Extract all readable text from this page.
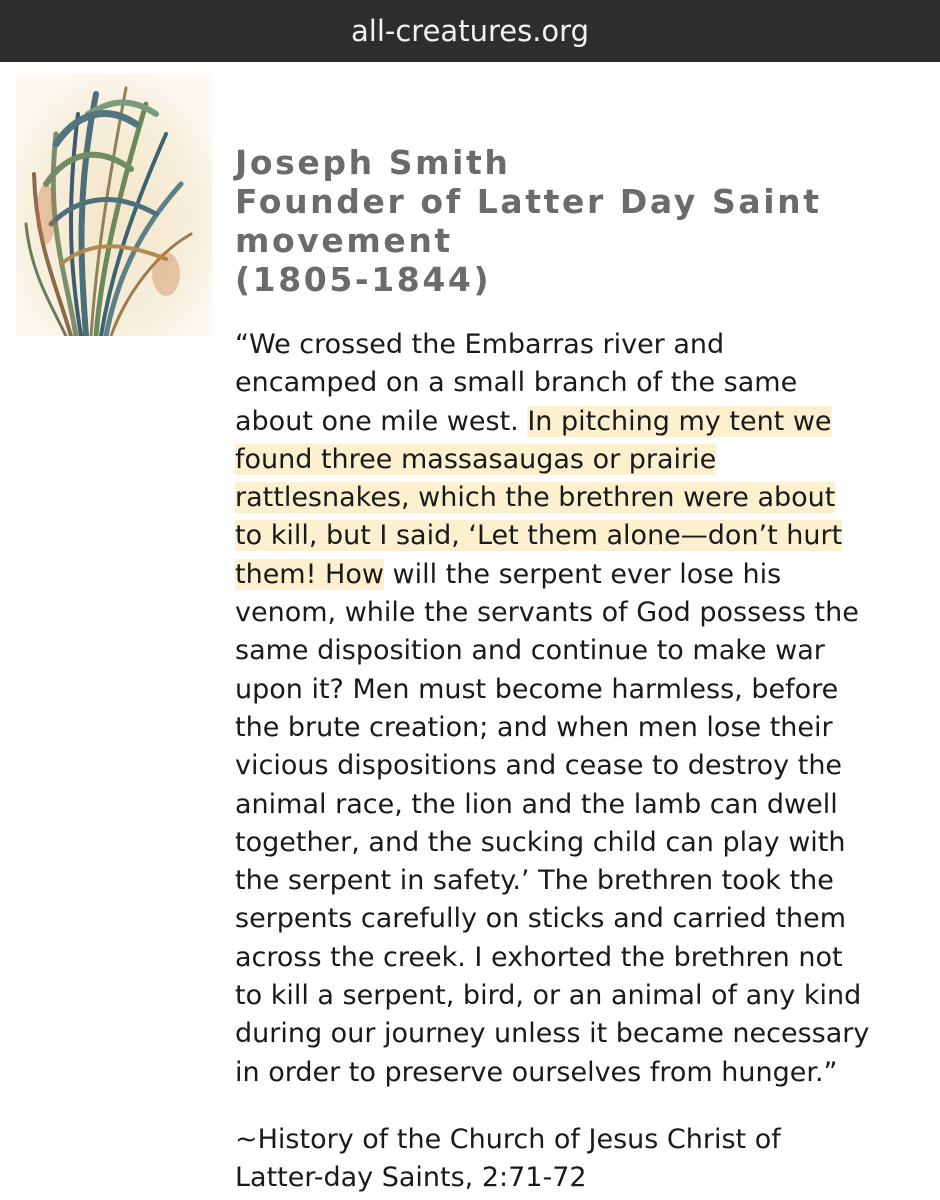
all-creatures.org
Joseph Smith
Founder of Latter Day Saint
movement
(1805-1844)
“We crossed the Embarras river and
encamped on a small branch of the same
about one mile west. In pitching my tent we
found three massasaugas or prairie
rattlesnakes, which the brethren were about
to kill, but I said, ‘Let them alone—don’t hurt
them! How will the serpent ever lose his
venom, while the servants of God possess the
same disposition and continue to make war
upon it? Men must become harmless, before
the brute creation; and when men lose their
vicious dispositions and cease to destroy the
animal race, the lion and the lamb can dwell
together, and the sucking child can play with
the serpent in safety.’ The brethren took the
serpents carefully on sticks and carried them
across the creek. I exhorted the brethren not
to kill a serpent, bird, or an animal of any kind
during our journey unless it became necessary
in order to preserve ourselves from hunger.”
~History of the Church of Jesus Christ of
Latter-day Saints, 2:71-72
